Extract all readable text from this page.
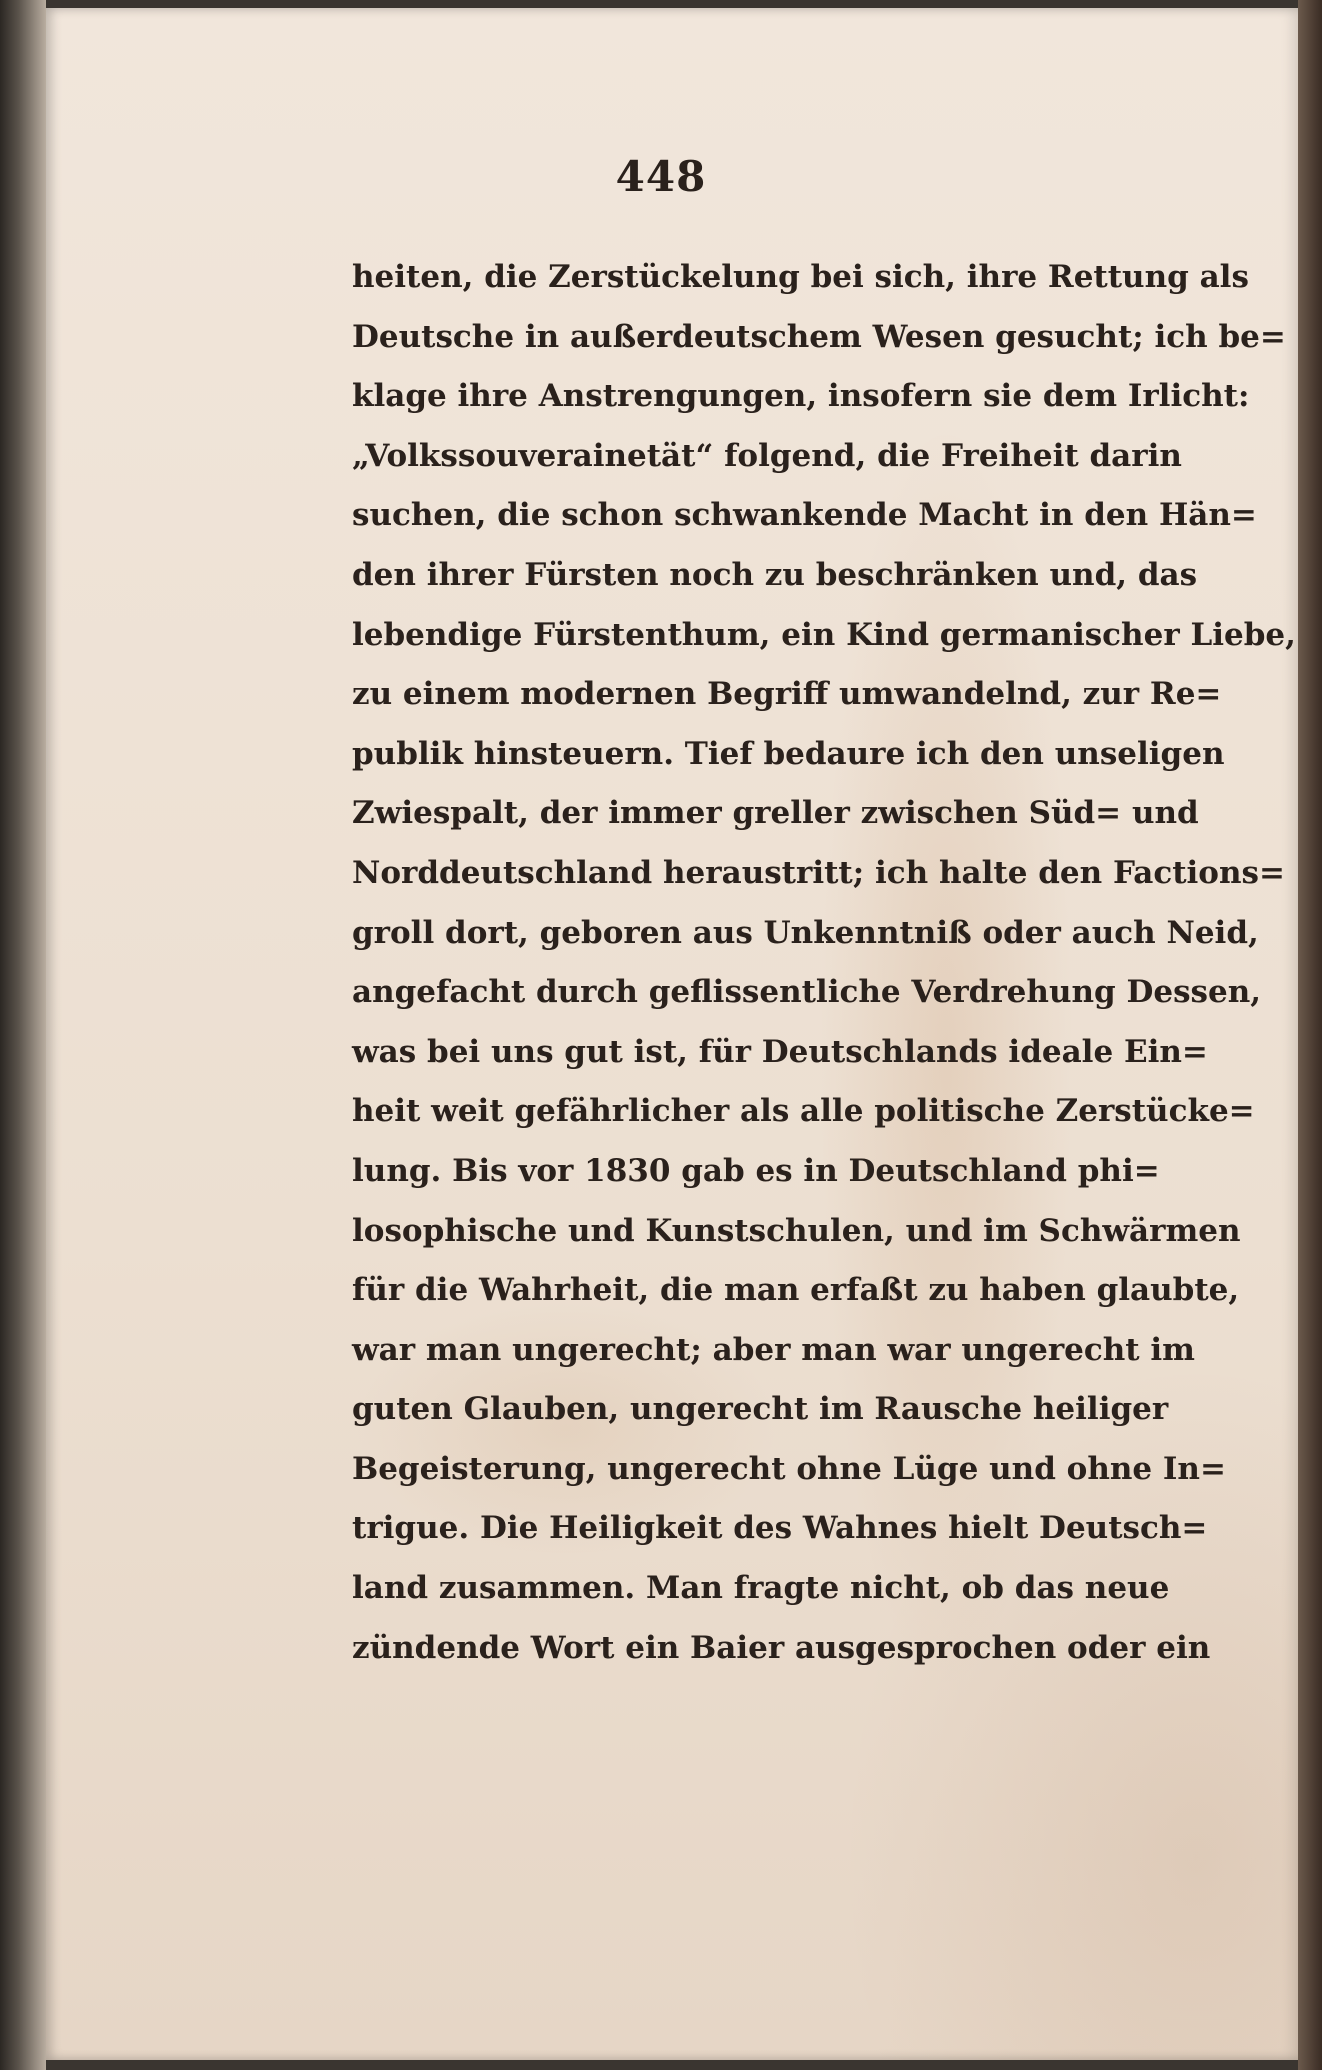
448
heiten, die Zerstückelung bei sich, ihre Rettung als
Deutsche in außerdeutschem Wesen gesucht; ich be=
klage ihre Anstrengungen, insofern sie dem Irlicht:
„Volkssouverainetät“ folgend, die Freiheit darin
suchen, die schon schwankende Macht in den Hän=
den ihrer Fürsten noch zu beschränken und, das
lebendige Fürstenthum, ein Kind germanischer Liebe,
zu einem modernen Begriff umwandelnd, zur Re=
publik hinsteuern. Tief bedaure ich den unseligen
Zwiespalt, der immer greller zwischen Süd= und
Norddeutschland heraustritt; ich halte den Factions=
groll dort, geboren aus Unkenntniß oder auch Neid,
angefacht durch geflissentliche Verdrehung Dessen,
was bei uns gut ist, für Deutschlands ideale Ein=
heit weit gefährlicher als alle politische Zerstücke=
lung. Bis vor 1830 gab es in Deutschland phi=
losophische und Kunstschulen, und im Schwärmen
für die Wahrheit, die man erfaßt zu haben glaubte,
war man ungerecht; aber man war ungerecht im
guten Glauben, ungerecht im Rausche heiliger
Begeisterung, ungerecht ohne Lüge und ohne In=
trigue. Die Heiligkeit des Wahnes hielt Deutsch=
land zusammen. Man fragte nicht, ob das neue
zündende Wort ein Baier ausgesprochen oder ein
